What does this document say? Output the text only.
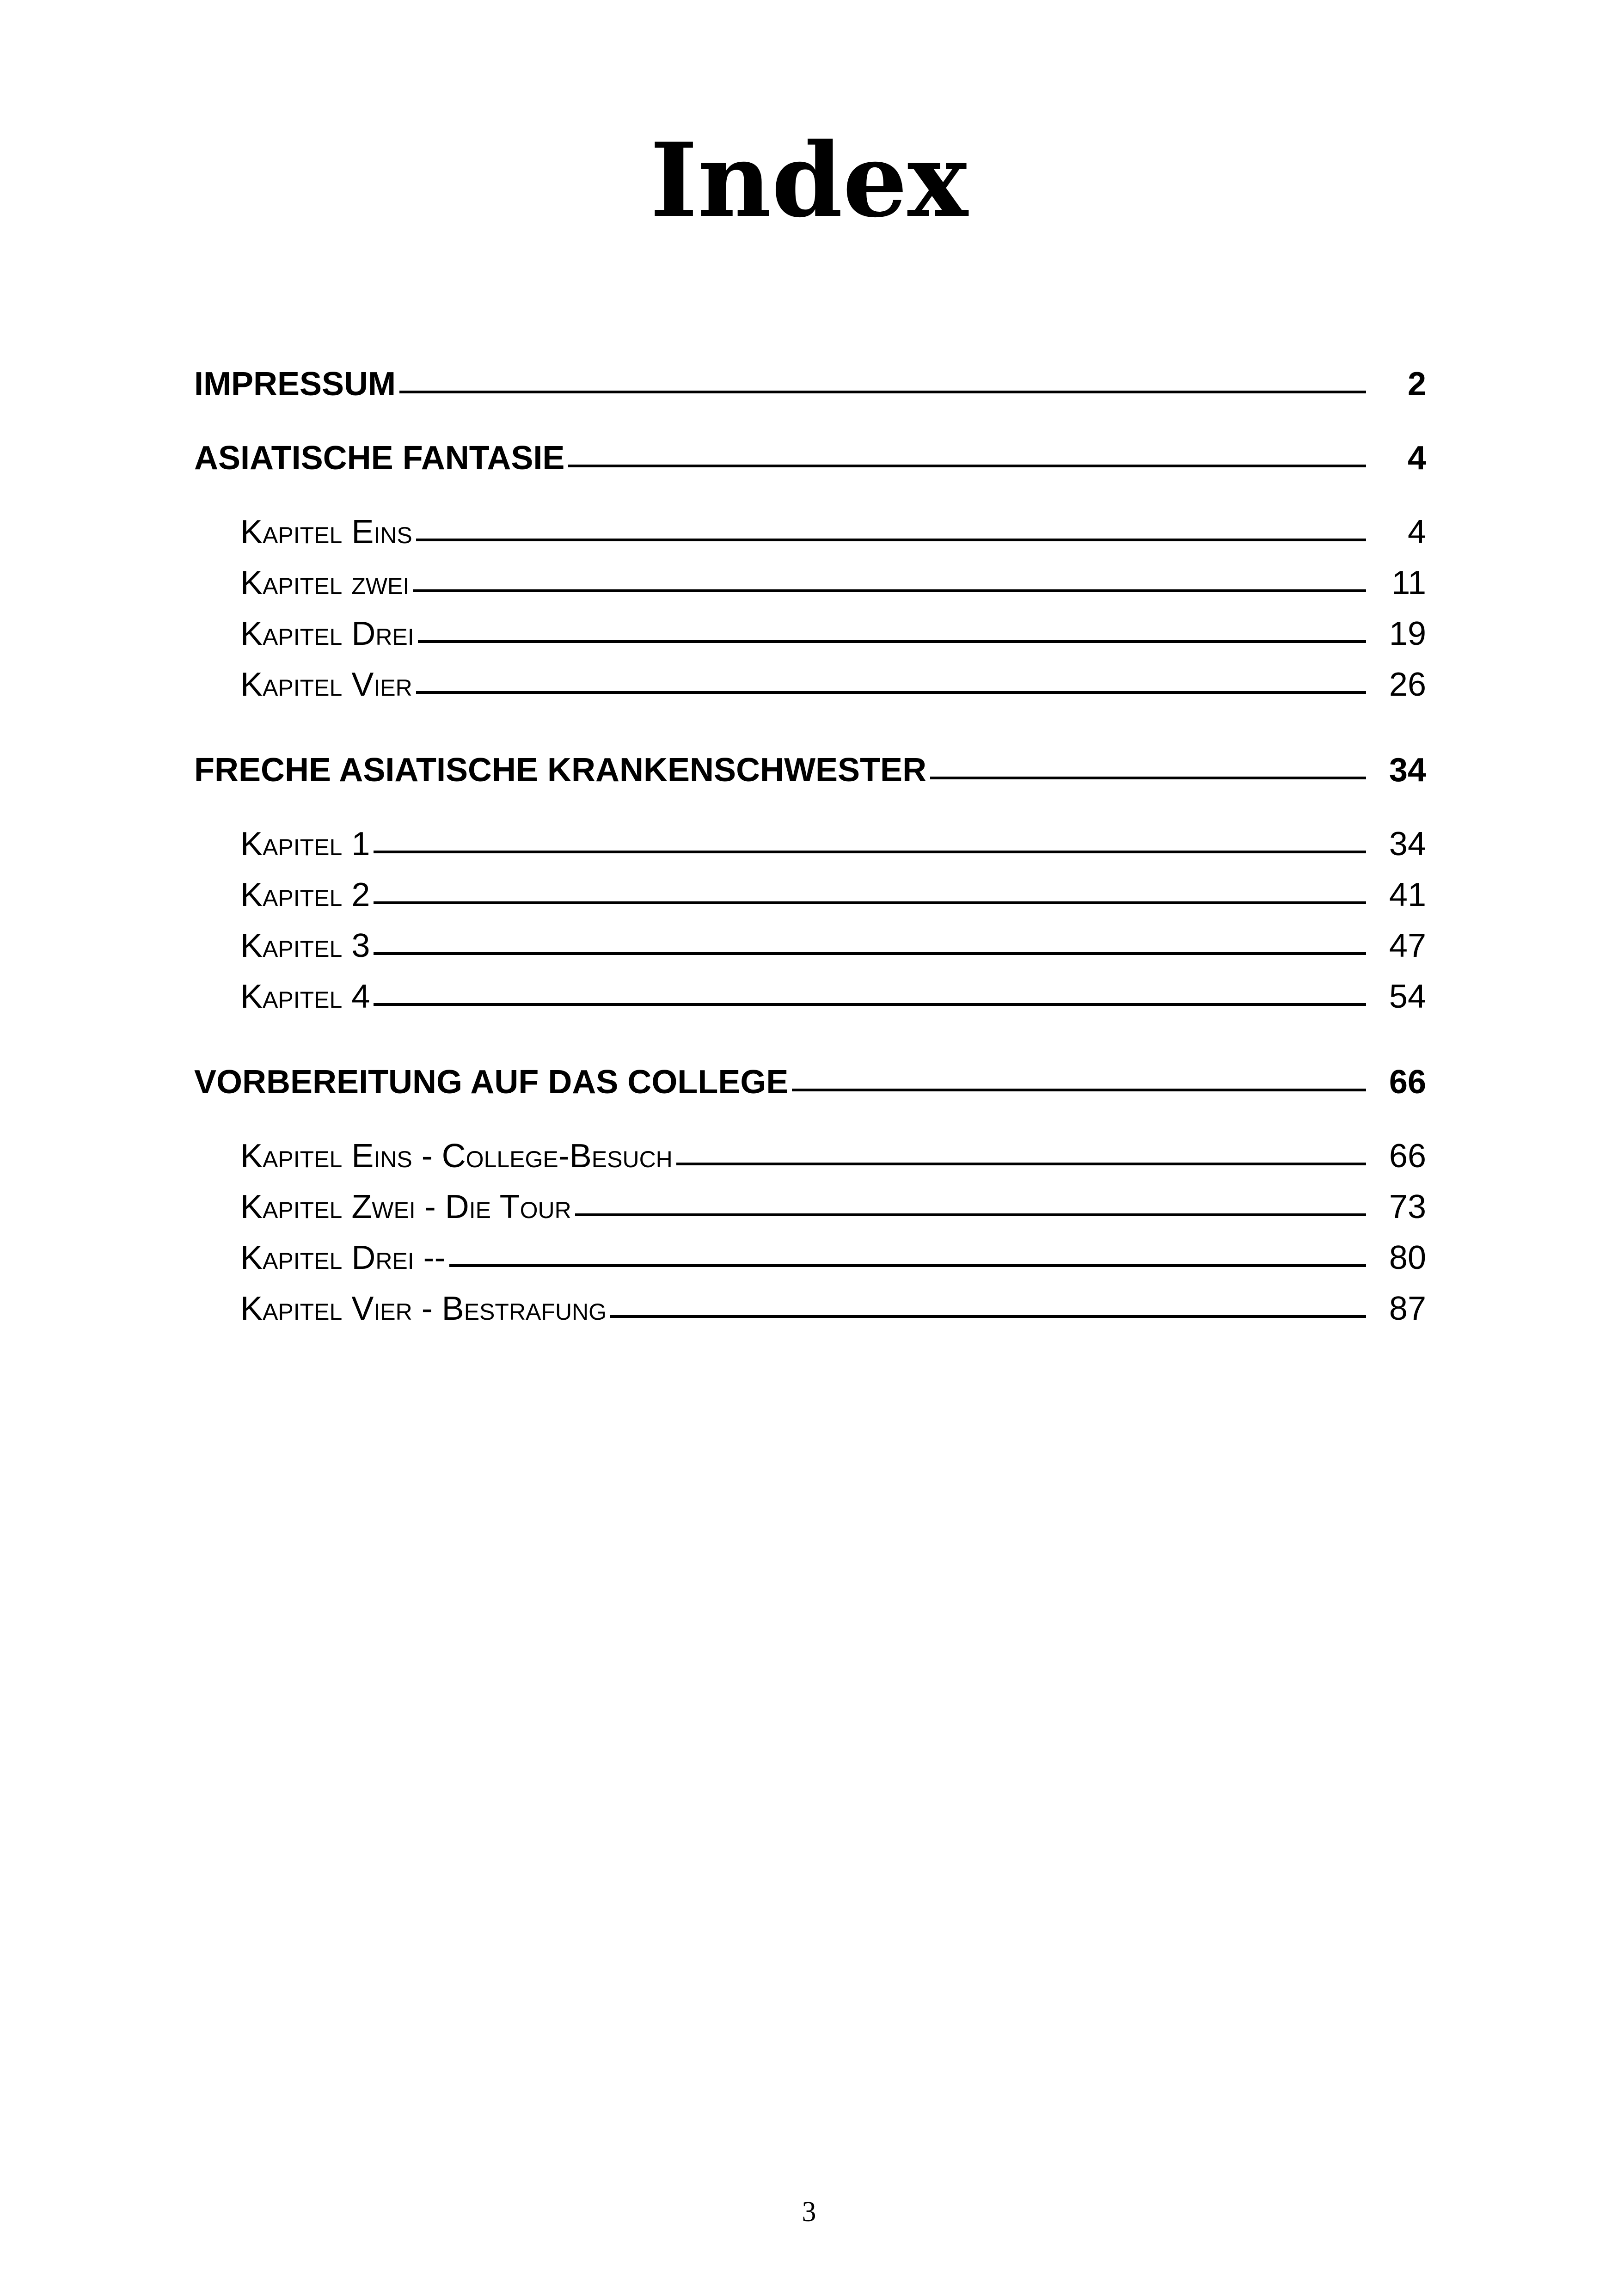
Index
IMPRESSUM	2
ASIATISCHE FANTASIE	4
Kapitel Eins	4
Kapitel zwei	11
Kapitel Drei	19
Kapitel Vier	26
FRECHE ASIATISCHE KRANKENSCHWESTER	34
Kapitel 1	34
Kapitel 2	41
Kapitel 3	47
Kapitel 4	54
VORBEREITUNG AUF DAS COLLEGE	66
Kapitel Eins - College-Besuch	66
Kapitel Zwei - Die Tour	73
Kapitel Drei --	80
Kapitel Vier - Bestrafung	87
3
